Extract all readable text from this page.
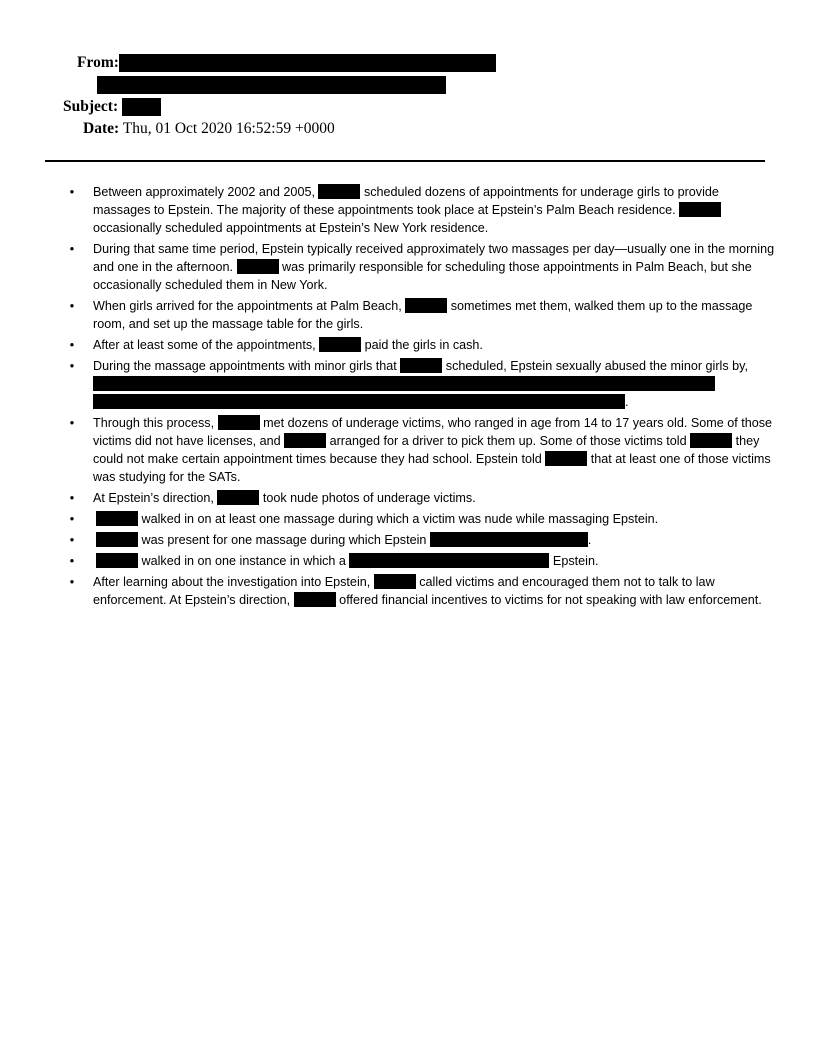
From:
Subject:
Date: Thu, 01 Oct 2020 16:52:59 +0000
• Between approximately 2002 and 2005,	scheduled dozens of appointments for underage girls to provide massages to Epstein. The majority of these appointments took place at Epstein’s Palm Beach residence.  occasionally scheduled appointments at Epstein’s New York residence.
• During that same time period, Epstein typically received approximately two massages per day—usually one in the morning and one in the afternoon.	was primarily responsible for scheduling those appointments in Palm Beach, but she occasionally scheduled them in New York.
• When girls arrived for the appointments at Palm Beach,	sometimes met them, walked them up to the massage room, and set up the massage table for the girls.
• After at least some of the appointments,	paid the girls in cash.
• During the massage appointments with minor girls that	scheduled, Epstein sexually abused the minor girls by, .
• Through this process,	met dozens of underage victims, who ranged in age from 14 to 17 years old. Some of those victims did not have licenses, and	arranged for a driver to pick them up. Some of those victims told	they could not make certain appointment times because they had school. Epstein told	that at least one of those victims was studying for the SATs.
• At Epstein’s direction,	took nude photos of underage victims.
•	walked in on at least one massage during which a victim was nude while massaging Epstein.
•	was present for one massage during which Epstein	.
•	walked in on one instance in which a	Epstein.
• After learning about the investigation into Epstein,	called victims and encouraged them not to talk to law enforcement. At Epstein’s direction,	offered financial incentives to victims for not speaking with law enforcement.
